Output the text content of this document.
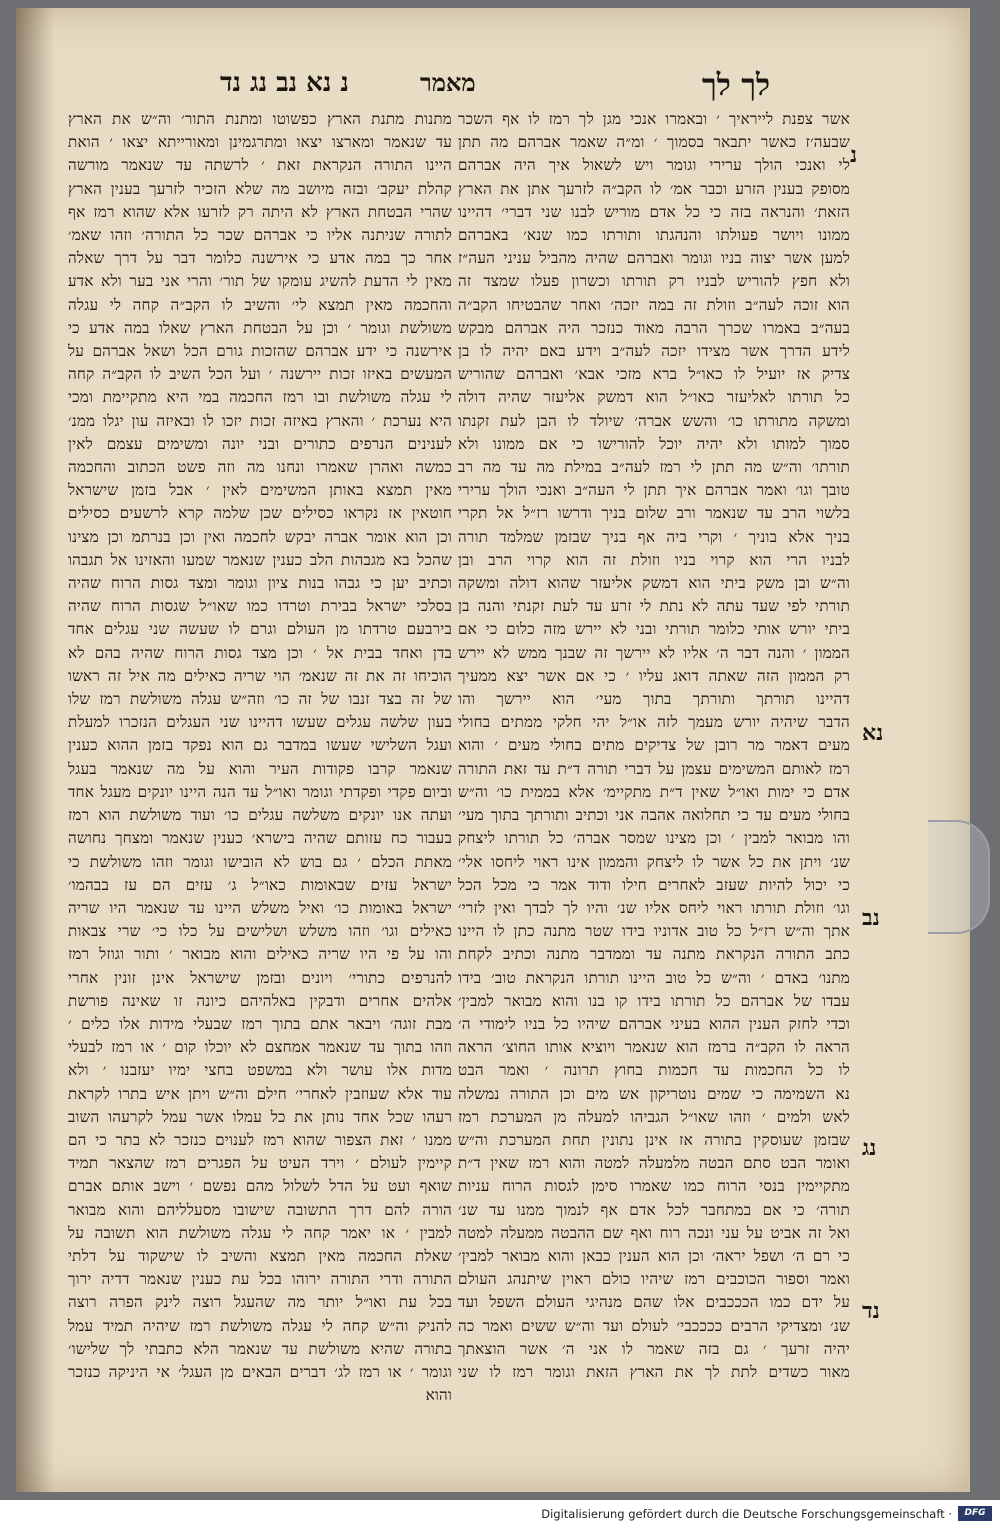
לך לך
מאמר
נ נא נב נג נד
נ
נא
נב
נג
נד
אשר צפנת לייראיך ׳ ובאמרו אנכי מגן לך רמז לו אף השכר
שבעה׳ז כאשר יתבאר בסמוך ׳ ומ״ה שאמר אברהם מה תתן
לי ואנכי הולך ערירי וגומר ויש לשאול איך היה אברהם
מסופק בענין הזרע וכבר אמ׳ לו הקב״ה לזרעך אתן את הארץ
הזאת׳ והנראה בזה כי כל אדם מוריש לבנו שני דברי׳ דהיינו
ממונו ויושר פעולתו והנהגתו ותורתו כמו שנא׳ באברהם
למען אשר יצוה בניו וגומר ואברהם שהיה מהביל עניני העה״ז
ולא חפץ להוריש לבניו רק תורתו וכשרון פעלו שמצד זה
הוא זוכה לעה״ב וזולת זה במה יזכה׳ ואחר שהבטיחו הקב״ה
בעה״ב באמרו שכרך הרבה מאוד כנזכר היה אברהם מבקש
לידע הדרך אשר מצידו יזכה לעה״ב וידע באם יהיה לו בן
צדיק אז יועיל לו כאו״ל ברא מזכי אבא׳ ואברהם שהוריש
כל תורתו לאליעזר כאו״ל הוא דמשק אליעזר שהיה דולה
ומשקה מתורתו כו׳ והשש אברה׳ שיולד לו הבן לעת זקנתו
סמוך למותו ולא יהיה יוכל להורישו כי אם ממונו ולא
תורתו׳ וה״ש מה תתן לי רמז לעה״ב במילת מה עד מה רב
טובך וגו׳ ואמר אברהם איך תתן לי העה״ב ואנכי הולך ערירי
בלשוי הרב עד שנאמר ורב שלום בניך ודרשו רז״ל אל תקרי
בניך אלא בוניך ׳ וקרי ביה אף בניך שבזמן שמלמד תורה
לבניו הרי הוא קרוי בניו וזולת זה הוא קרוי הרב ובן
וה״ש ובן משק ביתי הוא דמשק אליעזר שהוא דולה ומשקה
תורתי לפי שעד עתה לא נתת לי זרע עד לעת זקנתי והנה בן
ביתי יורש אותי כלומר תורתי ובני לא יירש מזה כלום כי אם
הממון ׳ והנה דבר ה׳ אליו לא יירשך זה שבנך ממש לא יירש
רק הממון הזה שאתה דואג עליו ׳ כי אם אשר יצא ממעיך
דהיינו תורתך ותורתך בתוך מעי׳ הוא יירשך והו
הדבר שיהיה יורש מעמך לזה או״ל יהי חלקי ממתים בחולי
מעים דאמר מר רובן של צדיקים מתים בחולי מעים ׳ והוא
רמז לאותם המשימים עצמן על דברי תורה ד״ת עד זאת התורה
אדם כי ימות ואו״ל שאין ד״ת מתקיימ׳ אלא בממית כו׳ וה״ש
בחולי מעים עד כי תחלואה אהבה אני וכתיב ותורתך בתוך מעי׳
והו מבואר למבין ׳ וכן מצינו שמסר אברה׳ כל תורתו ליצחק
שנ׳ ויתן את כל אשר לו ליצחק והממון אינו ראוי ליחסו אלי׳
כי יכול להיות שעזב לאחרים חילו ודוד אמר כי מכל הכל
וגו׳ וזולת תורתו ראוי ליחס אליו שנ׳ והיו לך לבדך ואין לזרי׳
אתך וה״ש רז״ל כל טוב אדוניו בידו שטר מתנה כתן לו היינו
כתב התורה הנקראת מתנה עד וממדבר מתנה וכתיב לקחת
מתנו׳ באדם ׳ וה״ש כל טוב היינו תורתו הנקראת טוב׳ בידו
עבדו של אברהם כל תורתו בידו קו בנו והוא מבואר למבין׳
וכדי לחזק הענין ההוא בעיני אברהם שיהיו כל בניו לימודי ה׳
הראה לו הקב״ה ברמז הוא שנאמר ויוציא אותו החוצ׳ הראה
לו כל החכמות עד חכמות בחוץ תרונה ׳ ואמר הבט
נא השמימה כי שמים נוטריקון אש מים וכן התורה נמשלה
לאש ולמים ׳ וזהו שאו״ל הגביהו למעלה מן המערכת רמז
שבזמן שעוסקין בתורה אז אינן נתונין תחת המערכת וה״ש
ואומר הבט סתם הבטה מלמעלה למטה והוא רמז שאין ד״ת
מתקיימין בנסי הרוח כמו שאמרו סימן לגסות הרוח עניות
תורה׳ כי אם במתחבר לכל אדם אף לנמוך ממנו עד שנ׳
ואל זה אביט על עני ונכה רוח ואף שם ההבטה ממעלה למטה
כי רם ה׳ ושפל יראה׳ וכן הוא הענין כבאן והוא מבואר למבין׳
ואמר וספור הכוכבים רמז שיהיו כולם ראוין שיתנהג העולם
על ידם כמו הכככבים אלו שהם מנהיגי העולם השפל ועד
שנ׳ ומצדיקי הרבים ככככבי׳ לעולם ועד וה״ש ששים ואמר כה
יהיה זרעך ׳ גם בזה שאמר לו אני ה׳ אשר הוצאתך
מאור כשדים לתת לך את הארץ הזאת וגומר רמז לו שני
מתנות מתנת הארץ כפשוטו ומתנת התור׳ וה״ש את הארץ
עד שנאמר ומארצו יצאו ומתרגמינן ומאורייתא יצאו ׳ הואת
היינו התורה הנקראת זאת ׳ לרשתה עד שנאמר מורשה
קהלת יעקב׳ ובזה מיושב מה שלא הזכיר לזרעך בענין הארץ
שהרי הבטחת הארץ לא היתה רק לזרעו אלא שהוא רמז אף
לתורה שניתנה אליו כי אברהם שכר כל התורה׳ וזהו שאמ׳
אחר כך במה אדע כי אירשנה כלומר דבר על דרך שאלה
מאין לי הדעת להשיג עומקו של תור׳ והרי אני בער ולא אדע
והחכמה מאין תמצא לי׳ והשיב לו הקב״ה קחה לי עגלה
משולשת וגומר ׳ וכן על הבטחת הארץ שאלו במה אדע כי
אירשנה כי ידע אברהם שהזכות גורם הכל ושאל אברהם על
המעשים באיזו זכות יירשנה ׳ ועל הכל השיב לו הקב״ה קחה
לי עגלה משולשת ובו רמז החכמה במי היא מתקיימת ומכי
היא נערכת ׳ והארץ באיזה זכות יזכו לו ובאיזה עון יגלו ממנ׳
לענינים הנרפים כתורים ובני יונה ומשימים עצמם לאין
כמשה ואהרן שאמרו ונחנו מה וזה פשט הכתוב והחכמה
מאין תמצא באותן המשימים לאין ׳ אבל בזמן שישראל
חוטאין אז נקראו כסילים שכן שלמה קרא לרשעים כסילים
וכן הוא אומר אברה יבקש לחכמה ואין וכן בנרתמ וכן מצינו
שהכל בא מגבהות הלב כענין שנאמר שמעו והאזינו אל תגבהו
וכתיב יען כי גבהו בנות ציון וגומר ומצד גסות הרוח שהיה
בסלכי ישראל בבירת וטרדו כמו שאו״ל שגסות הרוח שהיה
בירבעם טרדתו מן העולם וגרם לו שעשה שני עגלים אחד
בדן ואחד בבית אל ׳ וכן מצד גסות הרוח שהיה בהם לא
הוכיחו זה את זה שנאמ׳ הוי שריה כאילים מה איל זה ראשו
של זה בצד זנבו של זה כו׳ וזה״ש עגלה משולשת רמז שלו
בעון שלשה עגלים שעשו דהיינו שני העגלים הנזכרו למעלת
ועגל השלישי שעשו במדבר גם הוא נפקד בזמן ההוא כענין
שנאמר קרבו פקודות העיר והוא על מה שנאמר בעגל
וביום פקדי ופקדתי וגומר ואו״ל עד הנה היינו יונקים מעגל אחד
ועתה אנו יונקים משלשה עגלים כו׳ ועוד משולשת הוא רמז
בעבור כח עזותם שהיה בישרא׳ כענין שנאמר ומצחך נחושה
מאתת הכלם ׳ גם בוש לא הובישו וגומר וזהו משולשת כי
ישראל עזים שבאומות כאו״ל ג׳ עזים הם עז בבהמו׳
ישראל באומות כו׳ ואיל משלש היינו עד שנאמר היו שריה
כאילים וגו׳ וזהו משלש ושלישים על כלו כי׳ שרי צבאות
והו על פי היו שריה כאילים והוא מבואר ׳ ותור וגוזל רמז
להנרפים כתורי׳ ויונים ובזמן שישראל אינן זונין אחרי
אלהים אחרים ודבקין באלהיהם כיונה זו שאינה פורשת
מבת זוגה׳ ויבאר אתם בתוך רמז שבעלי מידות אלו כלים ׳
וזהו בתוך עד שנאמר אמחצם לא יוכלו קום ׳ או רמז לבעלי
מדות אלו עושר ולא במשפט בחצי ימיו יעזבנו ׳ ולא
עוד אלא שעוזבין לאחרי׳ חילם וה״ש ויתן איש בתרו לקראת
רעהו שכל אחד נותן את כל עמלו אשר עמל לקרעהו השוב
ממנו ׳ זאת הצפור שהוא רמז לענוים כנזכר לא בתר כי הם
קיימין לעולם ׳ וירד העיט על הפגרים רמז שהצאר תמיד
שואף ועט על הדל לשלול מהם נפשם ׳ וישב אותם אברם
הורה להם דרך התשובה שישובו מסעלליהם והוא מבואר
למבין ׳ או יאמר קחה לי עגלה משולשת הוא תשובה על
שאלת החכמה מאין תמצא והשיב לו שישקוד על דלתי
התורה ודרי התורה ירוהו בכל עת כענין שנאמר דדיה ירוך
בכל עת ואו״ל יותר מה שהעגל רוצה לינק הפרה רוצה
להניק וה״ש קחה לי עגלה משולשת רמז שיהיה תמיד עמל
בתורה שהיא משולשת עד שנאמר הלא כתבתי לך שלישו׳
וגומר ׳ או רמז לג׳ דברים הבאים מן העגל׳ אי היניקה כנזכר
והוא
Digitalisierung gefördert durch die Deutsche Forschungsgemeinschaft ·	DFG
